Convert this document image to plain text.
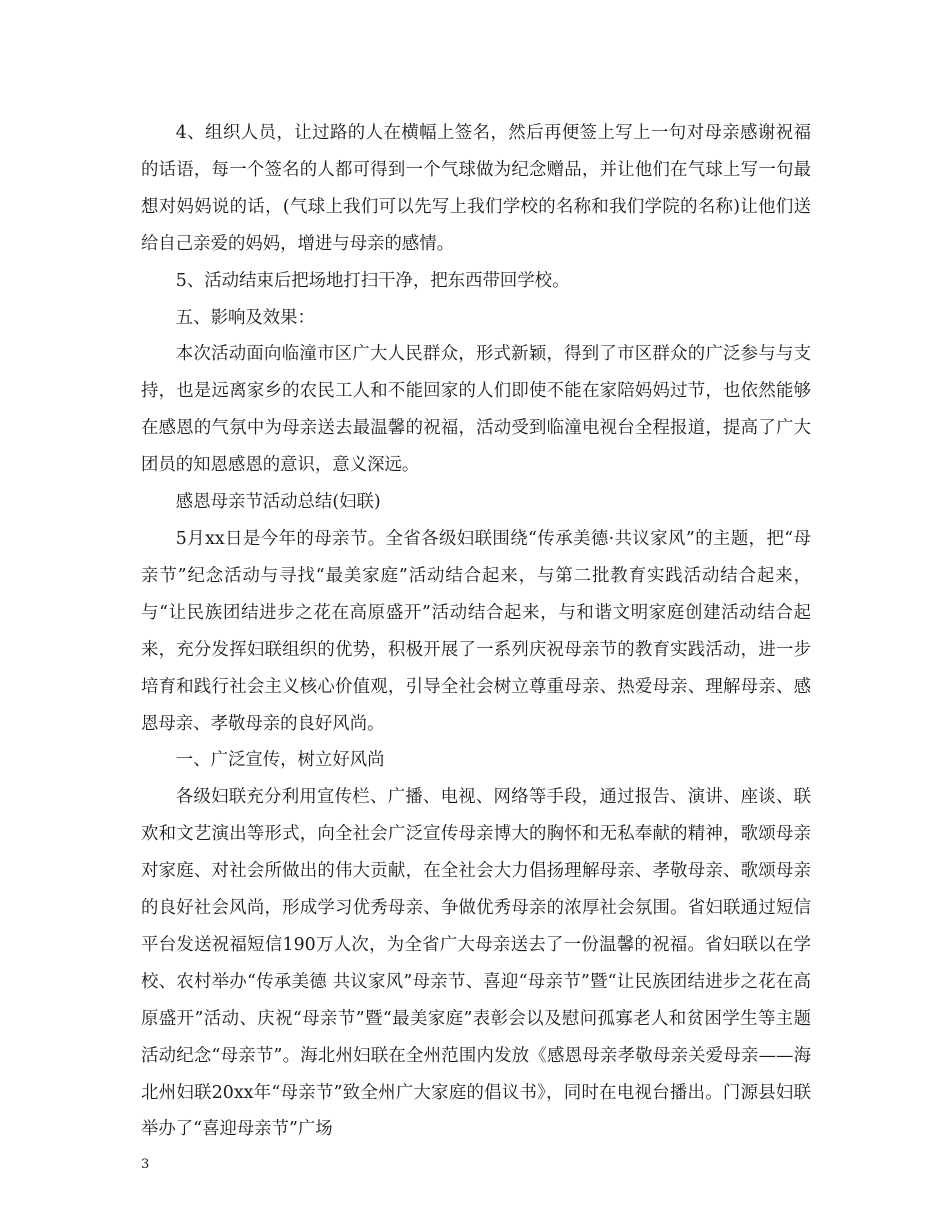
4、组织人员，让过路的人在横幅上签名，然后再便签上写上一句对母亲感谢祝福的话语，每一个签名的人都可得到一个气球做为纪念赠品，并让他们在气球上写一句最想对妈妈说的话，(气球上我们可以先写上我们学校的名称和我们学院的名称)让他们送给自己亲爱的妈妈，增进与母亲的感情。

5、活动结束后把场地打扫干净，把东西带回学校。

五、影响及效果：

本次活动面向临潼市区广大人民群众，形式新颖，得到了市区群众的广泛参与与支持，也是远离家乡的农民工人和不能回家的人们即使不能在家陪妈妈过节，也依然能够在感恩的气氛中为母亲送去最温馨的祝福，活动受到临潼电视台全程报道，提高了广大团员的知恩感恩的意识，意义深远。

感恩母亲节活动总结(妇联)

5月xx日是今年的母亲节。全省各级妇联围绕“传承美德·共议家风”的主题，把“母亲节”纪念活动与寻找“最美家庭”活动结合起来，与第二批教育实践活动结合起来，与“让民族团结进步之花在高原盛开”活动结合起来，与和谐文明家庭创建活动结合起来，充分发挥妇联组织的优势，积极开展了一系列庆祝母亲节的教育实践活动，进一步培育和践行社会主义核心价值观，引导全社会树立尊重母亲、热爱母亲、理解母亲、感恩母亲、孝敬母亲的良好风尚。

一、广泛宣传，树立好风尚

各级妇联充分利用宣传栏、广播、电视、网络等手段，通过报告、演讲、座谈、联欢和文艺演出等形式，向全社会广泛宣传母亲博大的胸怀和无私奉献的精神，歌颂母亲对家庭、对社会所做出的伟大贡献，在全社会大力倡扬理解母亲、孝敬母亲、歌颂母亲的良好社会风尚，形成学习优秀母亲、争做优秀母亲的浓厚社会氛围。省妇联通过短信平台发送祝福短信190万人次，为全省广大母亲送去了一份温馨的祝福。省妇联以在学校、农村举办“传承美德 共议家风”母亲节、喜迎“母亲节”暨“让民族团结进步之花在高原盛开”活动、庆祝“母亲节”暨“最美家庭”表彰会以及慰问孤寡老人和贫困学生等主题活动纪念“母亲节”。海北州妇联在全州范围内发放《感恩母亲孝敬母亲关爱母亲——海北州妇联20xx年“母亲节”致全州广大家庭的倡议书》，同时在电视台播出。门源县妇联举办了“喜迎母亲节”广场

3
